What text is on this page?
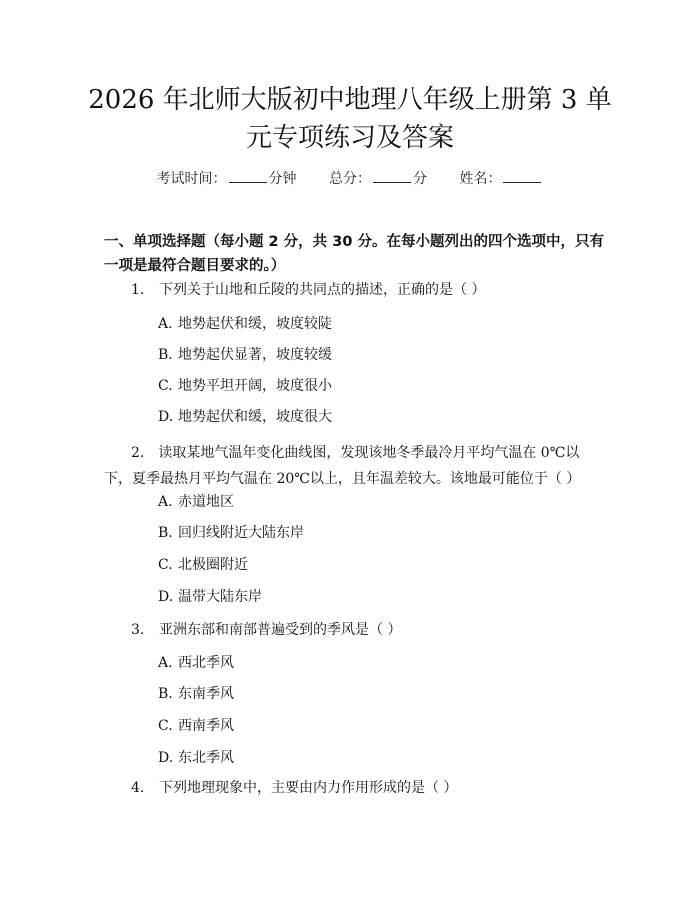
2026 年北师大版初中地理八年级上册第 3 单
元专项练习及答案
考试时间：	分钟 总分：	分 姓名：
一、单项选择题（每小题 2 分，共 30 分。在每小题列出的四个选项中，只有一项是最符合题目要求的。）
1. 下列关于山地和丘陵的共同点的描述，正确的是（ ）
A. 地势起伏和缓，坡度较陡
B. 地势起伏显著，坡度较缓
C. 地势平坦开阔，坡度很小
D. 地势起伏和缓，坡度很大
2.  读取某地气温年变化曲线图，发现该地冬季最冷月平均气温在 0℃以下，夏季最热月平均气温在 20℃以上，且年温差较大。该地最可能位于（ ）
A. 赤道地区
B. 回归线附近大陆东岸
C. 北极圈附近
D. 温带大陆东岸
3. 亚洲东部和南部普遍受到的季风是（ ）
A. 西北季风
B. 东南季风
C. 西南季风
D. 东北季风
4. 下列地理现象中，主要由内力作用形成的是（ ）
